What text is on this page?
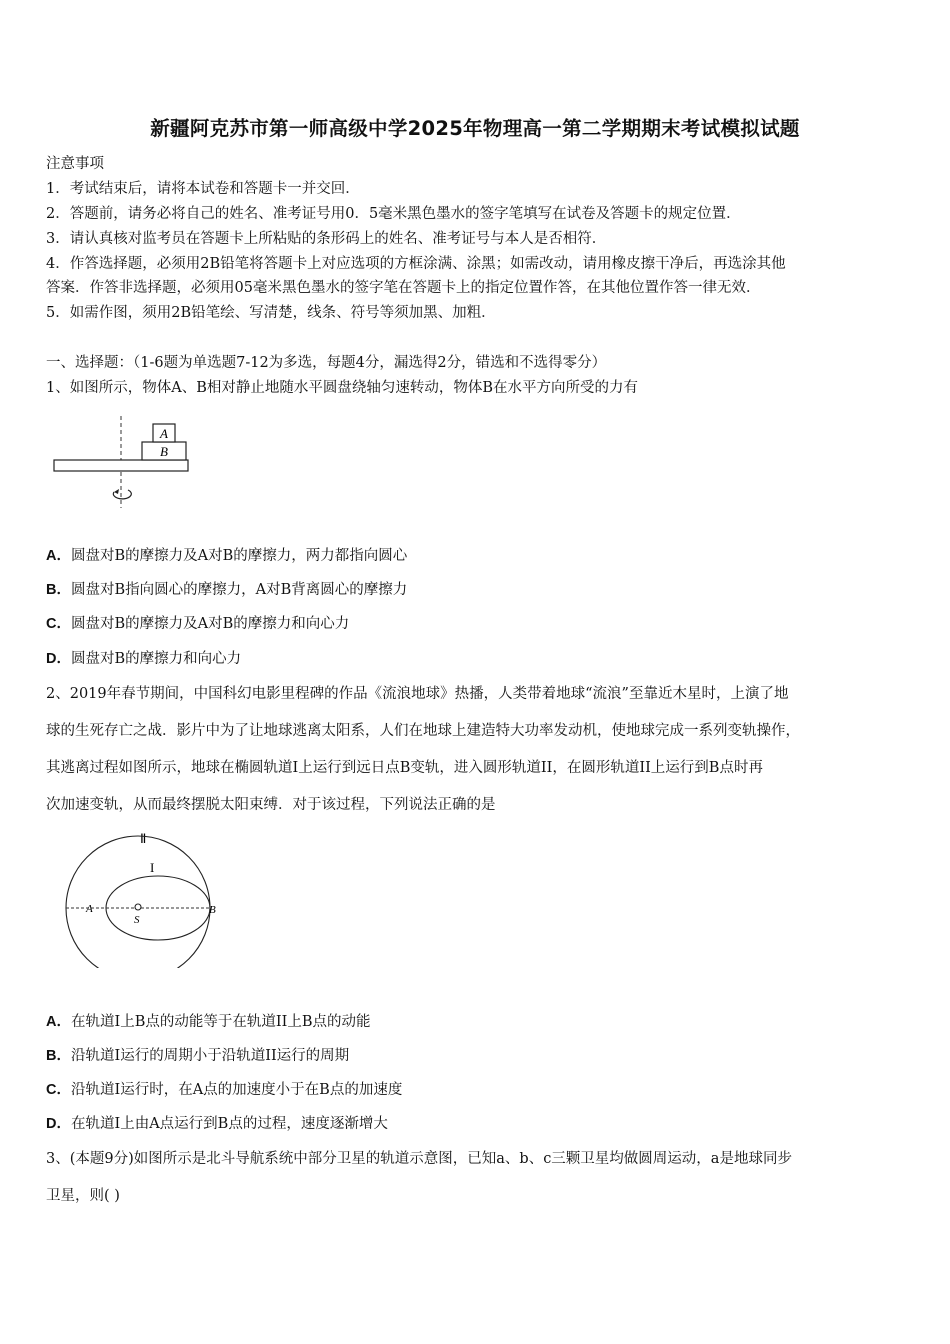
新疆阿克苏市第一师高级中学2025年物理高一第二学期期末考试模拟试题
注意事项
1．考试结束后，请将本试卷和答题卡一并交回．
2．答题前，请务必将自己的姓名、准考证号用0．5毫米黑色墨水的签字笔填写在试卷及答题卡的规定位置．
3．请认真核对监考员在答题卡上所粘贴的条形码上的姓名、准考证号与本人是否相符．
4．作答选择题，必须用2B铅笔将答题卡上对应选项的方框涂满、涂黑；如需改动，请用橡皮擦干净后，再选涂其他
答案．作答非选择题，必须用05毫米黑色墨水的签字笔在答题卡上的指定位置作答，在其他位置作答一律无效．
5．如需作图，须用2B铅笔绘、写清楚，线条、符号等须加黑、加粗．
一、选择题：（1-6题为单选题7-12为多选，每题4分，漏选得2分，错选和不选得零分）
1、如图所示，物体A、B相对静止地随水平圆盘绕轴匀速转动，物体B在水平方向所受的力有
A
B
A．圆盘对B的摩擦力及A对B的摩擦力，两力都指向圆心
B．圆盘对B指向圆心的摩擦力，A对B背离圆心的摩擦力
C．圆盘对B的摩擦力及A对B的摩擦力和向心力
D．圆盘对B的摩擦力和向心力
2、2019年春节期间，中国科幻电影里程碑的作品《流浪地球》热播，人类带着地球“流浪”至靠近木星时，上演了地
球的生死存亡之战．影片中为了让地球逃离太阳系，人们在地球上建造特大功率发动机，使地球完成一系列变轨操作，
其逃离过程如图所示，地球在椭圆轨道I上运行到远日点B变轨，进入圆形轨道II，在圆形轨道II上运行到B点时再
次加速变轨，从而最终摆脱太阳束缚．对于该过程，下列说法正确的是
Ⅱ
I
A	B
S
A．在轨道I上B点的动能等于在轨道II上B点的动能
B．沿轨道I运行的周期小于沿轨道II运行的周期
C．沿轨道I运行时，在A点的加速度小于在B点的加速度
D．在轨道I上由A点运行到B点的过程，速度逐渐增大
3、(本题9分)如图所示是北斗导航系统中部分卫星的轨道示意图，已知a、b、c三颗卫星均做圆周运动，a是地球同步
卫星，则( )
